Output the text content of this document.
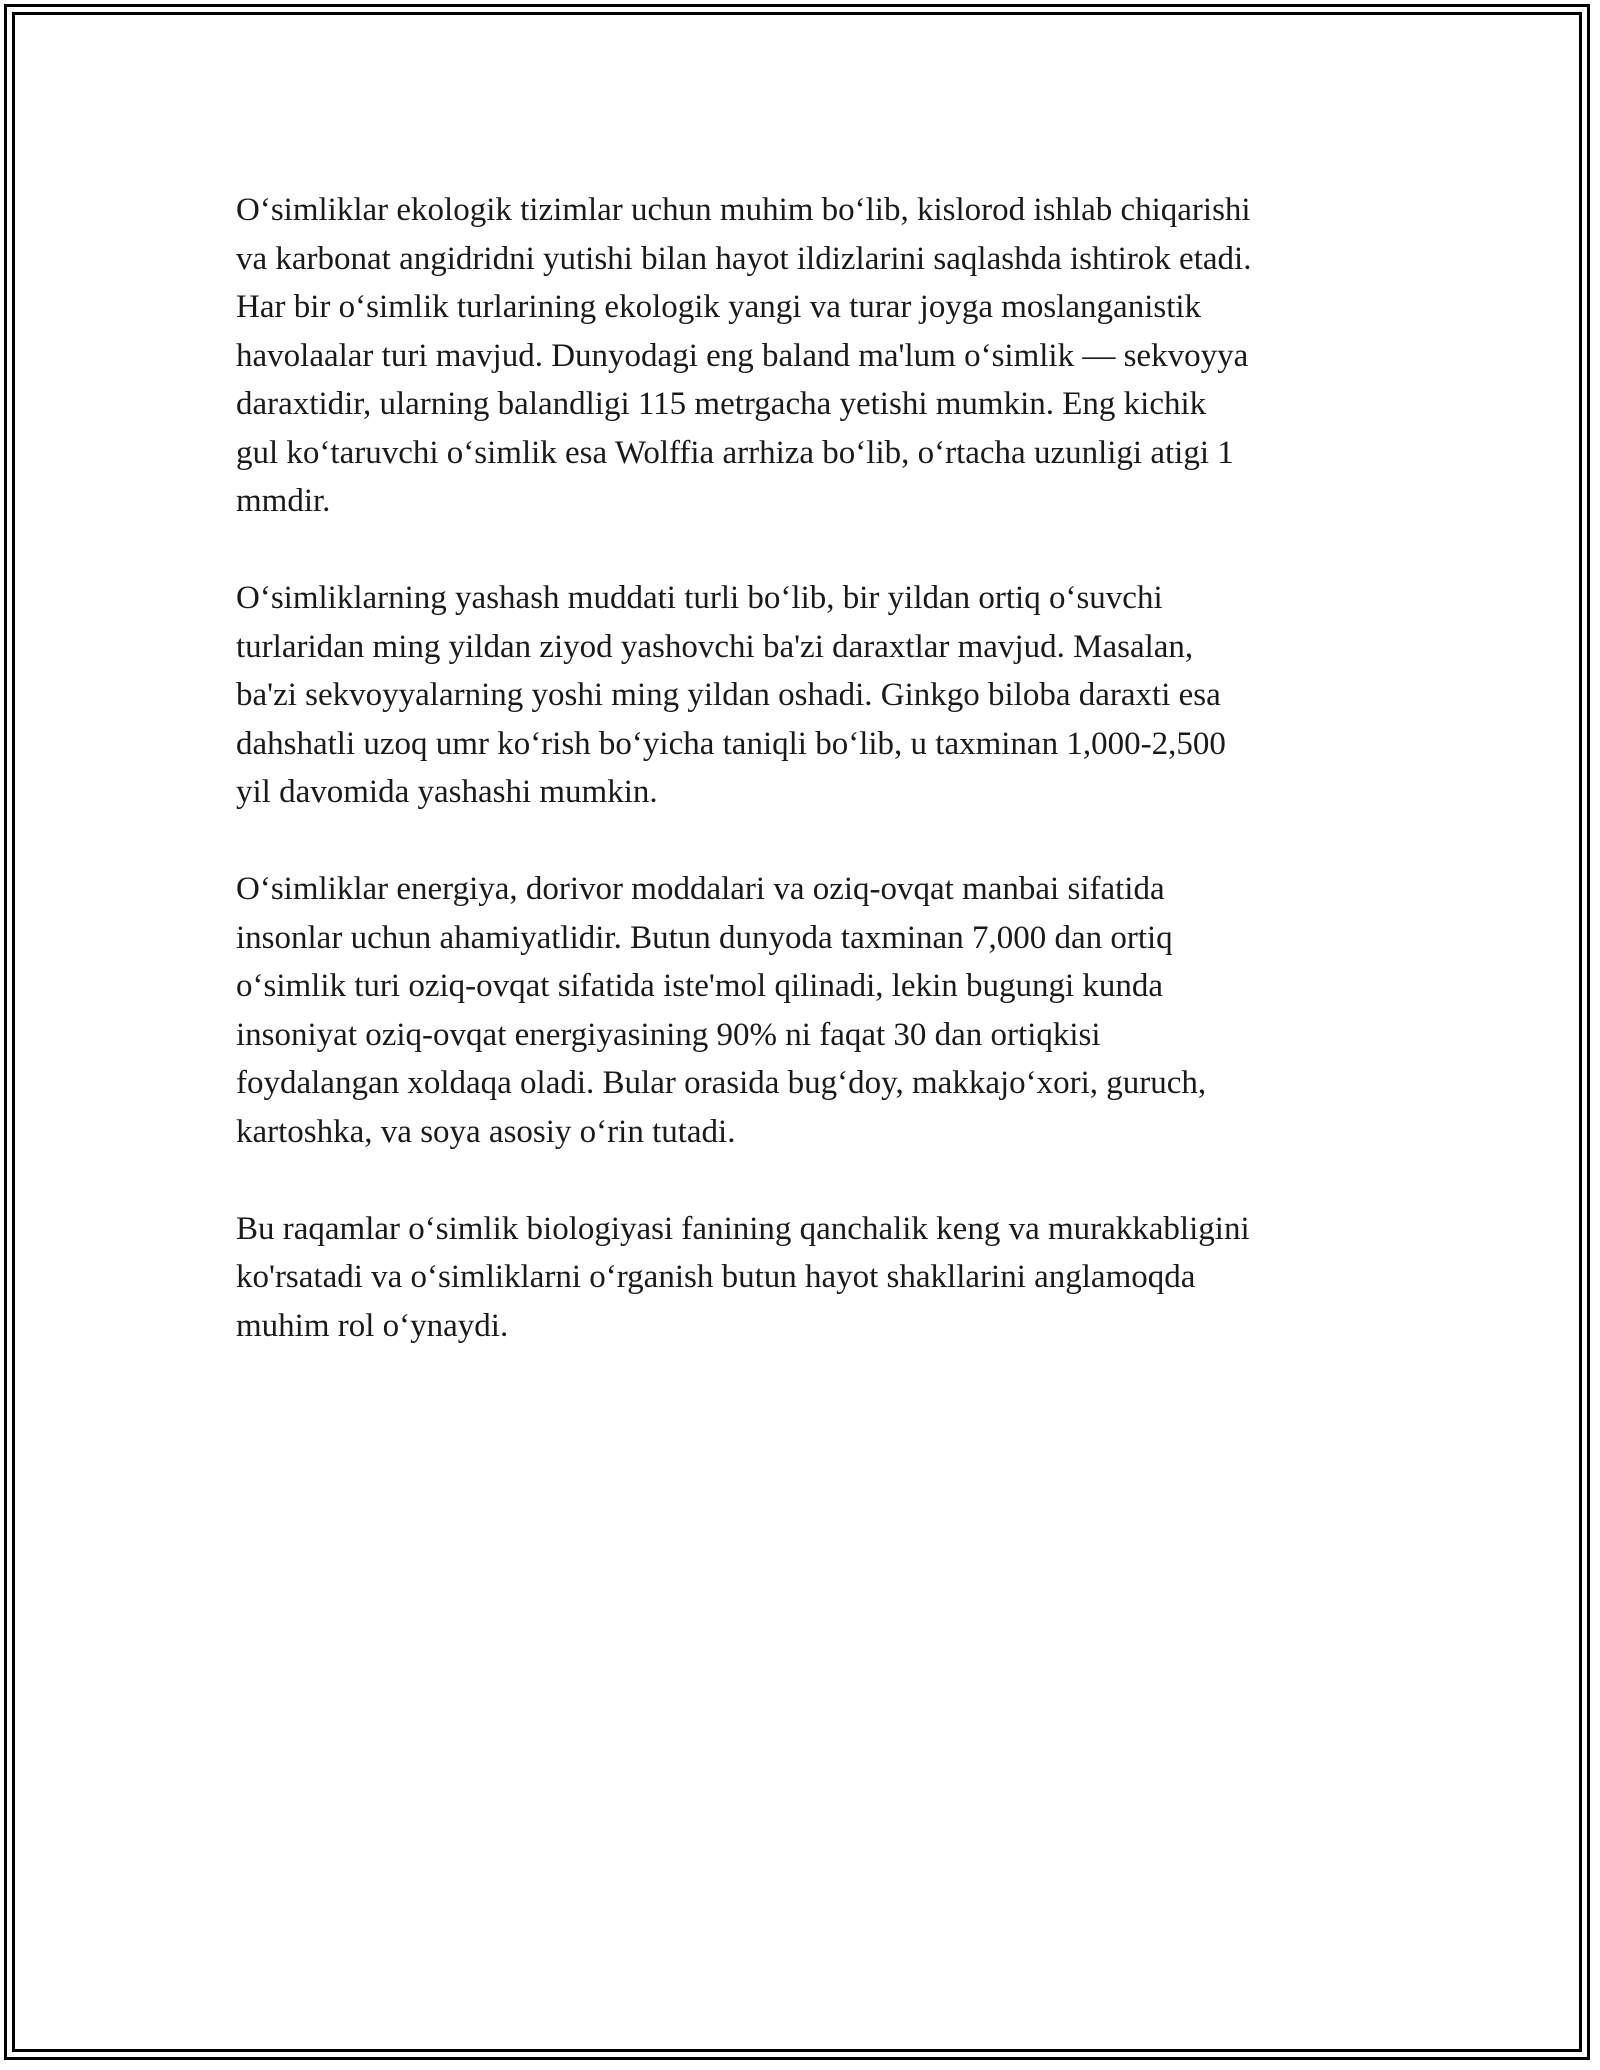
O‘simliklar ekologik tizimlar uchun muhim bo‘lib, kislorod ishlab chiqarishi
va karbonat angidridni yutishi bilan hayot ildizlarini saqlashda ishtirok etadi.
Har bir o‘simlik turlarining ekologik yangi va turar joyga moslanganistik
havolaalar turi mavjud. Dunyodagi eng baland ma'lum o‘simlik — sekvoyya
daraxtidir, ularning balandligi 115 metrgacha yetishi mumkin. Eng kichik
gul ko‘taruvchi o‘simlik esa Wolffia arrhiza bo‘lib, o‘rtacha uzunligi atigi 1
mmdir.

O‘simliklarning yashash muddati turli bo‘lib, bir yildan ortiq o‘suvchi
turlaridan ming yildan ziyod yashovchi ba'zi daraxtlar mavjud. Masalan,
ba'zi sekvoyyalarning yoshi ming yildan oshadi. Ginkgo biloba daraxti esa
dahshatli uzoq umr ko‘rish bo‘yicha taniqli bo‘lib, u taxminan 1,000-2,500
yil davomida yashashi mumkin.

O‘simliklar energiya, dorivor moddalari va oziq-ovqat manbai sifatida
insonlar uchun ahamiyatlidir. Butun dunyoda taxminan 7,000 dan ortiq
o‘simlik turi oziq-ovqat sifatida iste'mol qilinadi, lekin bugungi kunda
insoniyat oziq-ovqat energiyasining 90% ni faqat 30 dan ortiqkisi
foydalangan xoldaqa oladi. Bular orasida bug‘doy, makkajo‘xori, guruch,
kartoshka, va soya asosiy o‘rin tutadi.

Bu raqamlar o‘simlik biologiyasi fanining qanchalik keng va murakkabligini
ko'rsatadi va o‘simliklarni o‘rganish butun hayot shakllarini anglamoqda
muhim rol o‘ynaydi.
